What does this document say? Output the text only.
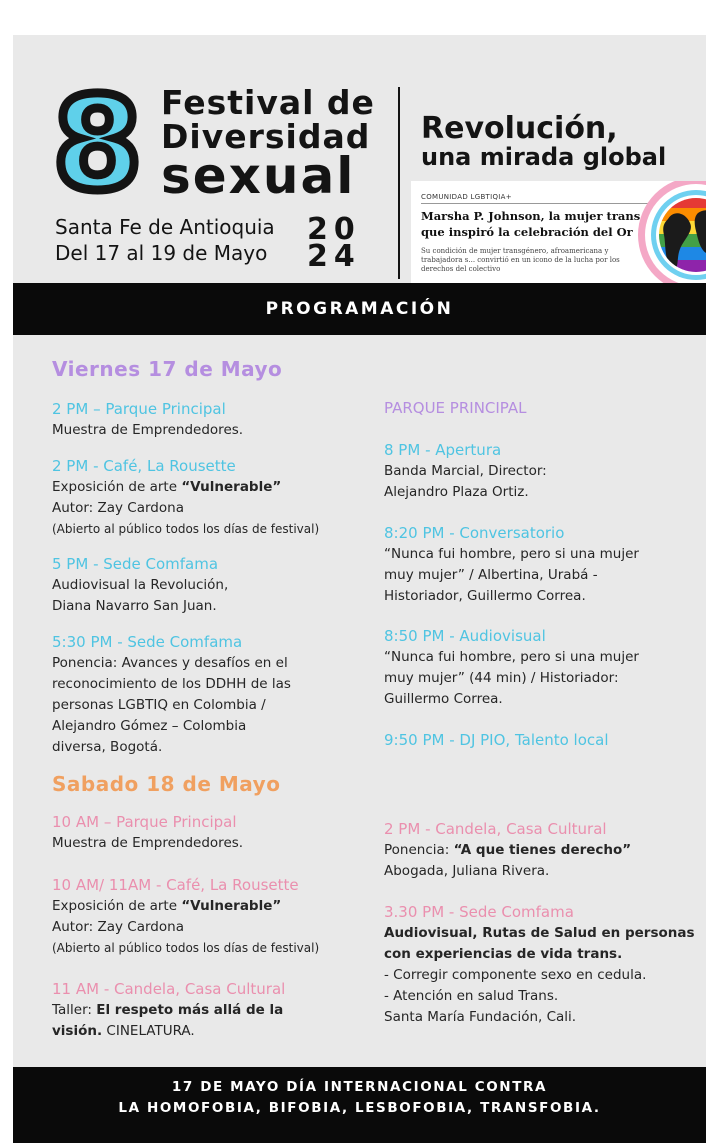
8 Festival de
Diversidad
sexual
Santa Fe de Antioquia
Del 17 al 19 de Mayo
20
24
Revolución,
una mirada global
COMUNIDAD LGBTIQIA+
Marsha P. Johnson, la mujer trans
que inspiró la celebración del Or
Su condición de mujer transgénero, afroamericana y trabajadora s... convirtió en un icono de la lucha por los derechos del colectivo
PROGRAMACIÓN
Viernes 17 de Mayo
2 PM – Parque Principal
Muestra de Emprendedores.
2 PM - Café, La Rousette
Exposición de arte “Vulnerable”
Autor: Zay Cardona
(Abierto al público todos los días de festival)
5 PM - Sede Comfama
Audiovisual la Revolución,
Diana Navarro San Juan.
5:30 PM - Sede Comfama
Ponencia: Avances y desafíos en el
reconocimiento de los DDHH de las
personas LGBTIQ en Colombia /
Alejandro Gómez – Colombia
diversa, Bogotá.
PARQUE PRINCIPAL
8 PM - Apertura
Banda Marcial, Director:
Alejandro Plaza Ortiz.
8:20 PM - Conversatorio
“Nunca fui hombre, pero si una mujer
muy mujer” / Albertina, Urabá -
Historiador, Guillermo Correa.
8:50 PM - Audiovisual
“Nunca fui hombre, pero si una mujer
muy mujer” (44 min) / Historiador:
Guillermo Correa.
9:50 PM - DJ PIO, Talento local
Sabado 18 de Mayo
10 AM – Parque Principal
Muestra de Emprendedores.
10 AM/ 11AM - Café, La Rousette
Exposición de arte “Vulnerable”
Autor: Zay Cardona
(Abierto al público todos los días de festival)
11 AM - Candela, Casa Cultural
Taller: El respeto más allá de la
visión. CINELATURA.
2 PM - Candela, Casa Cultural
Ponencia: “A que tienes derecho”
Abogada, Juliana Rivera.
3.30 PM - Sede Comfama
Audiovisual, Rutas de Salud en personas
con experiencias de vida trans.
- Corregir componente sexo en cedula.
- Atención en salud Trans.
Santa María Fundación, Cali.
17 DE MAYO DÍA INTERNACIONAL CONTRA
LA HOMOFOBIA, BIFOBIA, LESBOFOBIA, TRANSFOBIA.
